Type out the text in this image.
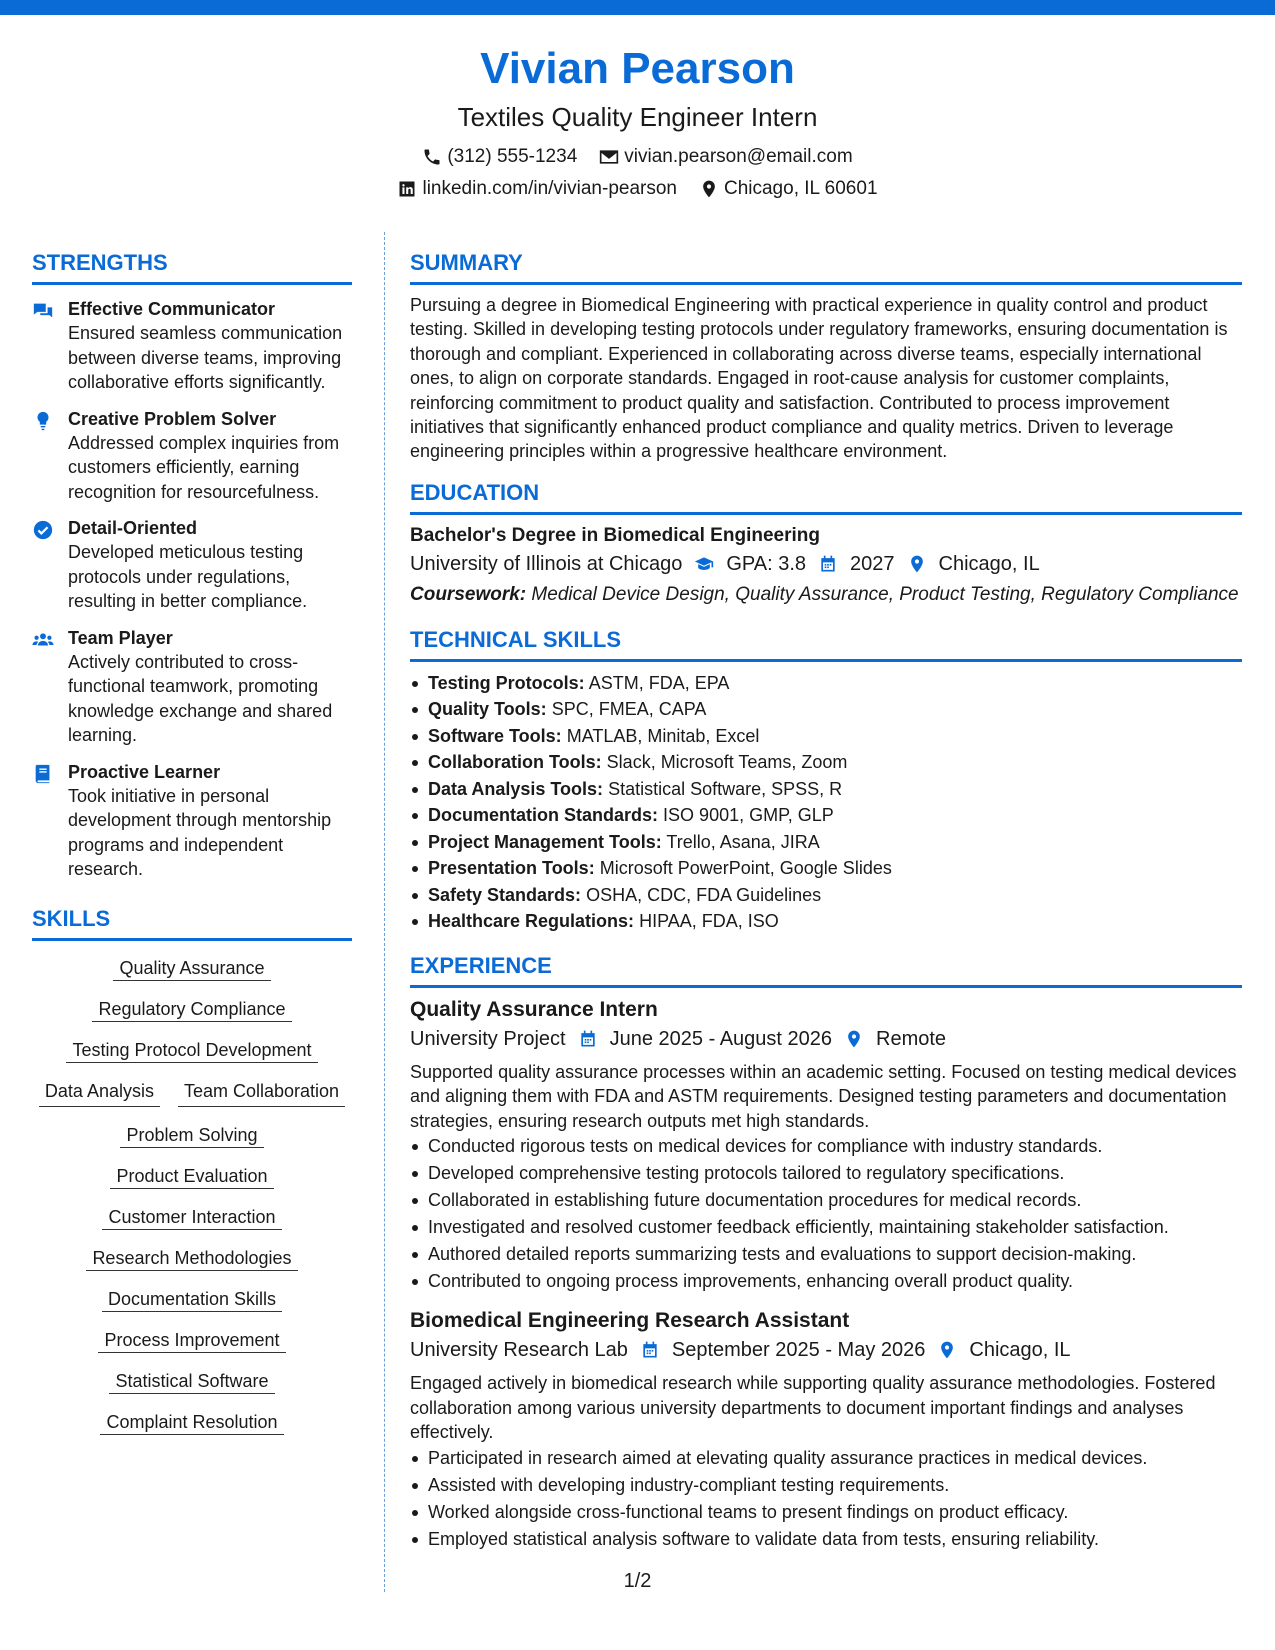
Vivian Pearson
Textiles Quality Engineer Intern
(312) 555-1234 vivian.pearson@email.com
linkedin.com/in/vivian-pearson Chicago, IL 60601
STRENGTHS
Effective Communicator
Ensured seamless communication between diverse teams, improving collaborative efforts significantly.
Creative Problem Solver
Addressed complex inquiries from customers efficiently, earning recognition for resourcefulness.
Detail-Oriented
Developed meticulous testing protocols under regulations, resulting in better compliance.
Team Player
Actively contributed to cross-functional teamwork, promoting knowledge exchange and shared learning.
Proactive Learner
Took initiative in personal development through mentorship programs and independent research.
SKILLS
Quality Assurance
Regulatory Compliance
Testing Protocol Development
Data Analysis	Team Collaboration
Problem Solving
Product Evaluation
Customer Interaction
Research Methodologies
Documentation Skills
Process Improvement
Statistical Software
Complaint Resolution
SUMMARY
Pursuing a degree in Biomedical Engineering with practical experience in quality control and product testing. Skilled in developing testing protocols under regulatory frameworks, ensuring documentation is thorough and compliant. Experienced in collaborating across diverse teams, especially international ones, to align on corporate standards. Engaged in root-cause analysis for customer complaints, reinforcing commitment to product quality and satisfaction. Contributed to process improvement initiatives that significantly enhanced product compliance and quality metrics. Driven to leverage engineering principles within a progressive healthcare environment.
EDUCATION
Bachelor's Degree in Biomedical Engineering
University of Illinois at Chicago GPA: 3.8 2027 Chicago, IL
Coursework: Medical Device Design, Quality Assurance, Product Testing, Regulatory Compliance
TECHNICAL SKILLS
Testing Protocols: ASTM, FDA, EPA
Quality Tools: SPC, FMEA, CAPA
Software Tools: MATLAB, Minitab, Excel
Collaboration Tools: Slack, Microsoft Teams, Zoom
Data Analysis Tools: Statistical Software, SPSS, R
Documentation Standards: ISO 9001, GMP, GLP
Project Management Tools: Trello, Asana, JIRA
Presentation Tools: Microsoft PowerPoint, Google Slides
Safety Standards: OSHA, CDC, FDA Guidelines
Healthcare Regulations: HIPAA, FDA, ISO
EXPERIENCE
Quality Assurance Intern
University Project June 2025 - August 2026 Remote
Supported quality assurance processes within an academic setting. Focused on testing medical devices and aligning them with FDA and ASTM requirements. Designed testing parameters and documentation strategies, ensuring research outputs met high standards.
Conducted rigorous tests on medical devices for compliance with industry standards.
Developed comprehensive testing protocols tailored to regulatory specifications.
Collaborated in establishing future documentation procedures for medical records.
Investigated and resolved customer feedback efficiently, maintaining stakeholder satisfaction.
Authored detailed reports summarizing tests and evaluations to support decision-making.
Contributed to ongoing process improvements, enhancing overall product quality.
Biomedical Engineering Research Assistant
University Research Lab September 2025 - May 2026 Chicago, IL
Engaged actively in biomedical research while supporting quality assurance methodologies. Fostered collaboration among various university departments to document important findings and analyses effectively.
Participated in research aimed at elevating quality assurance practices in medical devices.
Assisted with developing industry-compliant testing requirements.
Worked alongside cross-functional teams to present findings on product efficacy.
Employed statistical analysis software to validate data from tests, ensuring reliability.
1/2
